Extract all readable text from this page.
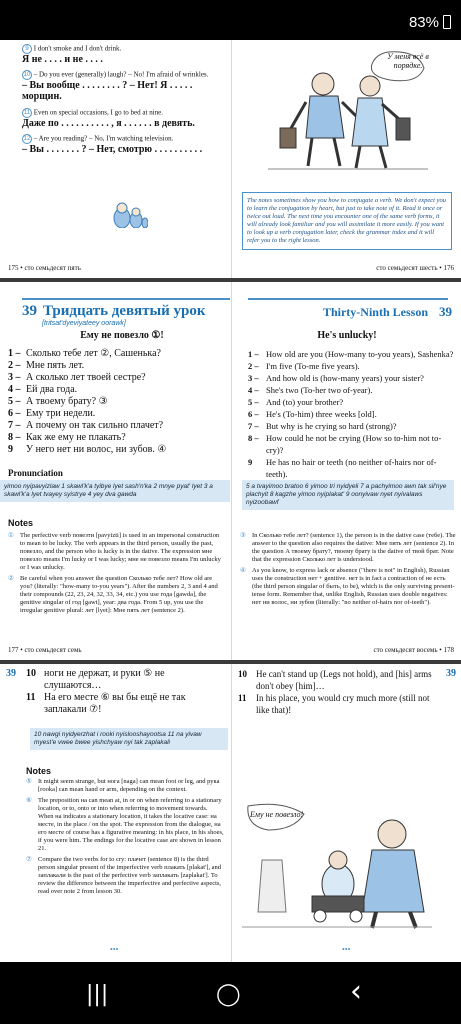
83%
9 I don't smoke and I don't drink.
Я не . . . . и не . . . .
10 – Do you ever (generally) laugh? – No! I'm afraid of wrinkles.
– Вы вообще . . . . . . . . ? – Нет! Я . . . . . морщин.
11 Even on special occasions, I go to bed at nine.
Даже по . . . . . . . . . . , я . . . . . . в девять.
12 – Are you reading? – No, I'm watching television.
– Вы . . . . . . . ? – Нет, смотрю . . . . . . . . . .
175 • сто семьдесят пять
У меня всё в порядке.
The notes sometimes show you how to conjugate a verb. We don't expect you to learn the conjugation by heart, but just to take note of it. Read it once or twice out loud. The next time you encounter one of the same verb forms, it will already look familiar and you will assimilate it more easily. If you want to look up a verb conjugation later, check the grammar index and it will refer you to the right lesson.
сто семьдесят шесть • 176
39 Тридцать девятый урок
[tritsat'dyeviyatеey oorawk]
Ему не повезло ①!
1 – Сколько тебе лет ②, Сашенька?
2 – Мне пять лет.
3 – А сколько лет твоей сестре?
4 – Ей два года.
5 – А твоему брату? ③
6 – Ему три недели.
7 – А почему он так сильно плачет?
8 – Как же ему не плакать?
9	У него нет ни волос, ни зубов. ④
Pronunciation
yimoo nyipavyizlaw 1 skawl'k'a tyibye lyet sash'n'ka 2 mnye pyat' lyet 3 a skawl'k'a lyet tvayey syistrye 4 yey dva gawda
Notes
① The perfective verb повезти [pavyizti] is used in an impersonal construction to mean to be lucky. The verb appears in the third person, usually the past, повезло, and the person who is lucky is in the dative. The expression мне повезло means I'm lucky or I was lucky; мне не повезло means I'm unlucky or I was unlucky.
② Be careful when you answer the question Сколько тебе лет? How old are you? (literally: "how-many to-you years"). After the numbers 2, 3 and 4 and their compounds (22, 23, 24, 32, 33, 34, etc.) you use года [gawda], the genitive singular of год [gawt], year: два года. From 5 up, you use the irregular genitive plural: лет [lyet]: Мне пять лет (sentence 2).
177 • сто семьдесят семь
Thirty-Ninth Lesson 39
He's unlucky!
1 – How old are you (How-many to-you years), Sashenka?
2 – I'm five (To-me five years).
3 – And how old is (how-many years) your sister?
4 – She's two (To-her two of-year).
5 – And (to) your brother?
6 – He's (To-him) three weeks [old].
7 – But why is he crying so hard (strong)?
8 – How could he not be crying (How so to-him not to-cry)?
9	He has no hair or teeth (no neither of-hairs nor of-teeth).
5 a tvayimoo bratoo 6 yimoo tri nyidyeli 7 a pachyimoo awn tak sil'nye plachyit 8 kagzhe yimoo nyiplakat' 9 oonyivaw nyet nyivalaws nyizoobawf
③ In Сколько тебе лет? (sentence 1), the person is in the dative case (тебе). The answer to the question also requires the dative: Мне пять лет (sentence 2). In the question А твоему брату?, твоему брату is the dative of твой брат. Note that the expression Сколько лет is understood.
④ As you know, to express lack or absence ("there is not" in English), Russian uses the construction нет + genitive. нет is in fact a contraction of не есть (the third person singular of быть, to be), which is the only surviving present-tense form. Remember that, unlike English, Russian uses double negatives: нет ни волос, ни зубов (literally: "no neither of-hairs nor of-teeth").
сто семьдесят восемь • 178
39 10 ноги не держат, и руки ⑤ не слушаются…
11 На его месте ⑥ вы бы ещё не так заплакали ⑦!
10 nawgi nyidyerzhat i rooki nyislooshayootsa 11 na yivaw myest'e vwee bwee yishchyaw nyi tak zaplakali
Notes
⑤ It might seem strange, but нога [naga] can mean foot or leg, and рука [rooka] can mean hand or arm, depending on the context.
⑥ The preposition на can mean at, in or on when referring to a stationary location, or to, onto or into when referring to movement towards. When на indicates a stationary location, it takes the locative case: на месте, in the place / on the spot. The expression from the dialogue, на его месте of course has a figurative meaning: in his place, in his shoes, if you were him. The endings for the locative case are shown in lesson 21.
⑦ Compare the two verbs for to cry: плачет (sentence 8) is the third person singular present of the imperfective verb плакать [plakat'], and заплакали is the past of the perfective verb заплакать [zaplakat']. To review the difference between the imperfective and perfective aspects, read over note 2 from lesson 30.
•••
39
10	He can't stand up (Legs not hold), and [his] arms don't obey [him]…
11	In his place, you would cry much more (still not like that)!
Ему не повезло!
•••
|||	◯	‹
